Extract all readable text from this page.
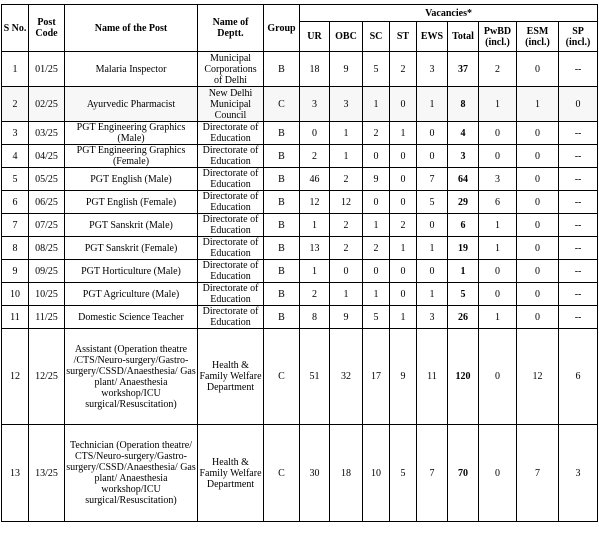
S No.	Post Code	Name of the Post	Name of Deptt.	Group	Vacancies*								
					UR	OBC	SC	ST	EWS	Total	PwBD (incl.)	ESM (incl.)	SP (incl.)
1	01/25	Malaria Inspector	Municipal Corporations of Delhi	B	18	9	5	2	3	37	2	0	--
2	02/25	Ayurvedic Pharmacist	New Delhi Municipal Council	C	3	3	1	0	1	8	1	1	0
3	03/25	PGT Engineering Graphics (Male)	Directorate of Education	B	0	1	2	1	0	4	0	0	--
4	04/25	PGT Engineering Graphics (Female)	Directorate of Education	B	2	1	0	0	0	3	0	0	--
5	05/25	PGT English (Male)	Directorate of Education	B	46	2	9	0	7	64	3	0	--
6	06/25	PGT English (Female)	Directorate of Education	B	12	12	0	0	5	29	6	0	--
7	07/25	PGT Sanskrit (Male)	Directorate of Education	B	1	2	1	2	0	6	1	0	--
8	08/25	PGT Sanskrit (Female)	Directorate of Education	B	13	2	2	1	1	19	1	0	--
9	09/25	PGT Horticulture (Male)	Directorate of Education	B	1	0	0	0	0	1	0	0	--
10	10/25	PGT Agriculture (Male)	Directorate of Education	B	2	1	1	0	1	5	0	0	--
11	11/25	Domestic Science Teacher	Directorate of Education	B	8	9	5	1	3	26	1	0	--
12	12/25	Assistant (Operation theatre /CTS/Neuro-surgery/Gastro-surgery/CSSD/Anaesthesia/ Gas plant/ Anaesthesia workshop/ICU surgical/Resuscitation)	Health & Family Welfare Department	C	51	32	17	9	11	120	0	12	6
13	13/25	Technician (Operation theatre/ CTS/Neuro-surgery/Gastro-surgery/CSSD/Anaesthesia/ Gas plant/ Anaesthesia workshop/ICU surgical/Resuscitation)	Health & Family Welfare Department	C	30	18	10	5	7	70	0	7	3
